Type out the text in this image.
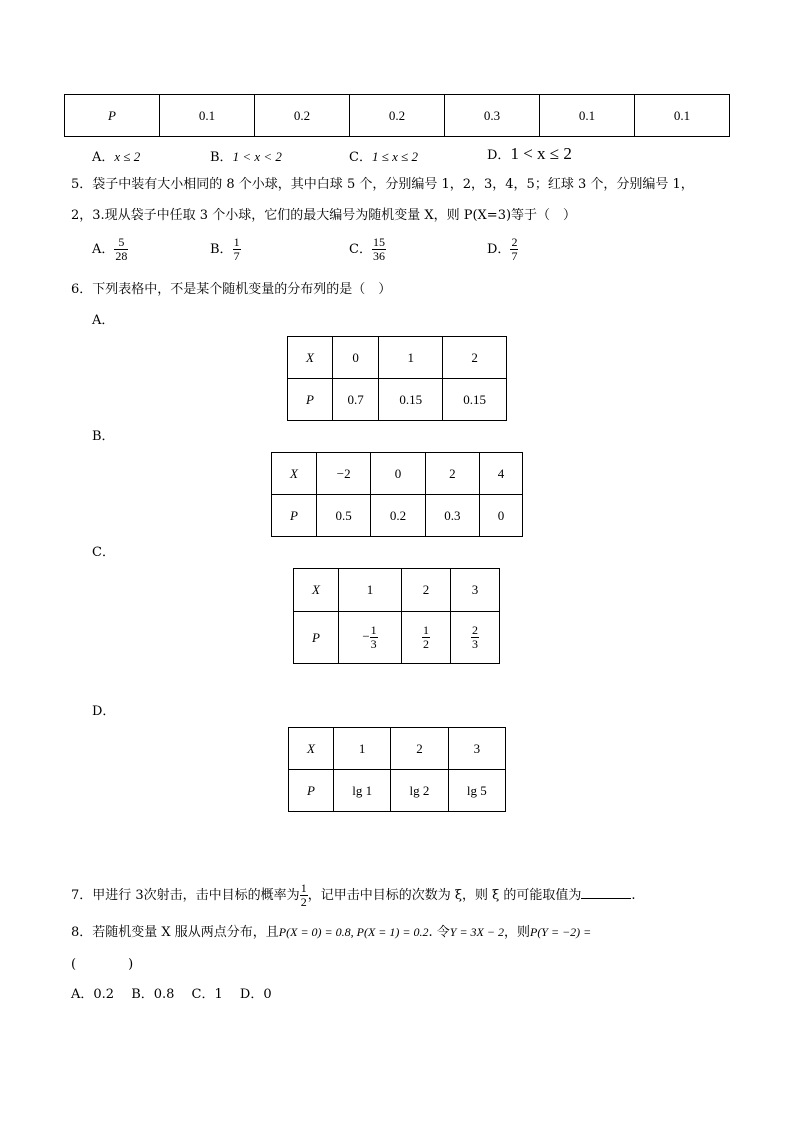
P	0.1	0.2	0.2	0.3	0.1	0.1
A．x ≤ 2	B．1 < x < 2	C．1 ≤ x ≤ 2	D．1 < x ≤ 2
5．袋子中装有大小相同的 8 个小球，其中白球 5 个，分别编号 1，2，3，4，5；红球 3 个，分别编号 1，
2，3.现从袋子中任取 3 个小球，它们的最大编号为随机变量 X，则 P(X=3)等于（　）
A． $\frac{5}{28}$	B． $\frac{1}{7}$	C． $\frac{15}{36}$	D． $\frac{2}{7}$
6．下列表格中，不是某个随机变量的分布列的是（　）
A．
X	0	1	2
P	0.7	0.15	0.15
B．
X	−2	0	2	4
P	0.5	0.2	0.3	0
C．
X	1	2	3
P	− $\frac{1}{3}$	$\frac{1}{2}$	$\frac{2}{3}$
D．
X	1	2	3
P	lg 1	lg 2	lg 5
7．甲进行 3次射击，击中目标的概率为 $\frac{1}{2}$ ，记甲击中目标的次数为 ξ，则 ξ 的可能取值为	.
8．若随机变量 X 服从两点分布，且P(X = 0) = 0.8, P(X = 1) = 0.2. 令Y = 3X − 2，则P(Y = −2) =
(　　　　)
A．0.2　 B．0.8　 C．1　 D．0
